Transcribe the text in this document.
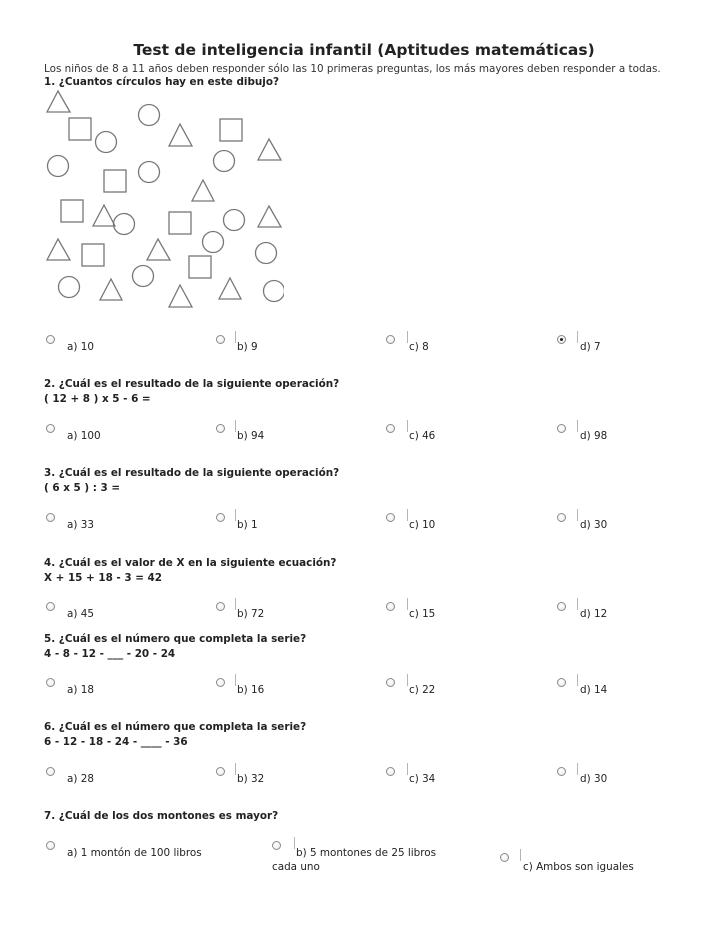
Test de inteligencia infantil (Aptitudes matemáticas)
Los niños de 8 a 11 años deben responder sólo las 10 primeras preguntas, los más mayores deben responder a todas.
1. ¿Cuantos círculos hay en este dibujo?
a) 10	b) 9	c) 8	d) 7
2. ¿Cuál es el resultado de la siguiente operación?
( 12 + 8 ) x 5 - 6 =
a) 100	b) 94	c) 46	d) 98
3. ¿Cuál es el resultado de la siguiente operación?
( 6 x 5 ) : 3 =
a) 33	b) 1	c) 10	d) 30
4. ¿Cuál es el valor de X en la siguiente ecuación?
X + 15 + 18 - 3 = 42
a) 45	b) 72	c) 15	d) 12
5. ¿Cuál es el número que completa la serie?
4 - 8 - 12 - ___ - 20 - 24
a) 18	b) 16	c) 22	d) 14
6. ¿Cuál es el número que completa la serie?
6 - 12 - 18 - 24 - ____ - 36
a) 28	b) 32	c) 34	d) 30
7. ¿Cuál de los dos montones es mayor?
a) 1 montón de 100 libros	b) 5 montones de 25 libros
cada uno	c) Ambos son iguales
